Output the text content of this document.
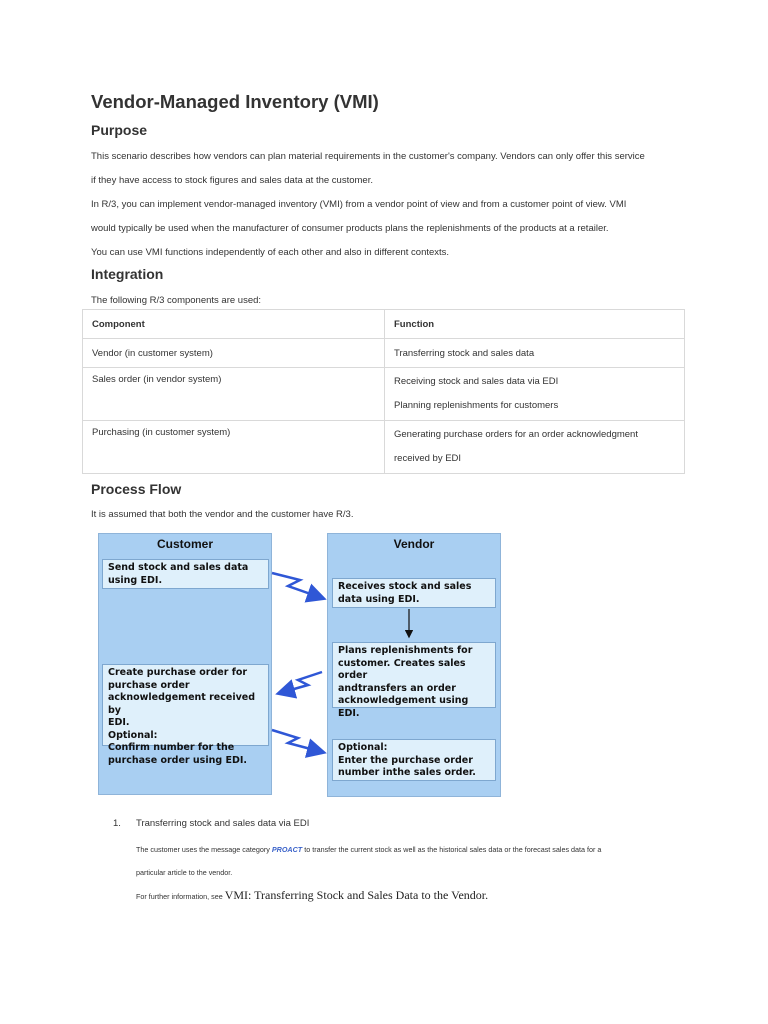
Vendor-Managed Inventory (VMI)
Purpose
This scenario describes how vendors can plan material requirements in the customer's company. Vendors can only offer this service
if they have access to stock figures and sales data at the customer.
In R/3, you can implement vendor-managed inventory (VMI) from a vendor point of view and from a customer point of view. VMI
would typically be used when the manufacturer of consumer products plans the replenishments of the products at a retailer.
You can use VMI functions independently of each other and also in different contexts.
Integration
The following R/3 components are used:
Component	Function
Vendor (in customer system)	Transferring stock and sales data
Sales order (in vendor system)	Receiving stock and sales data via EDI
Planning replenishments for customers

Purchasing (in customer system)	Generating purchase orders for an order acknowledgment
received by EDI
Process Flow
It is assumed that both the vendor and the customer have R/3.
Customer	Vendor
Send stock and sales data
using EDI.
Create purchase order for
purchase order
acknowledgement received by
EDI.
Optional:
Confirm number for the
purchase order using EDI.
Receives stock and sales
data using EDI.
Plans replenishments for
customer. Creates sales order
andtransfers an order
acknowledgement using EDI.
Optional:
Enter the purchase order
number inthe sales order.
1. Transferring stock and sales data via EDI
The customer uses the message category PROACT to transfer the current stock as well as the historical sales data or the forecast sales data for a
particular article to the vendor.
For further information, see VMI: Transferring Stock and Sales Data to the Vendor.
